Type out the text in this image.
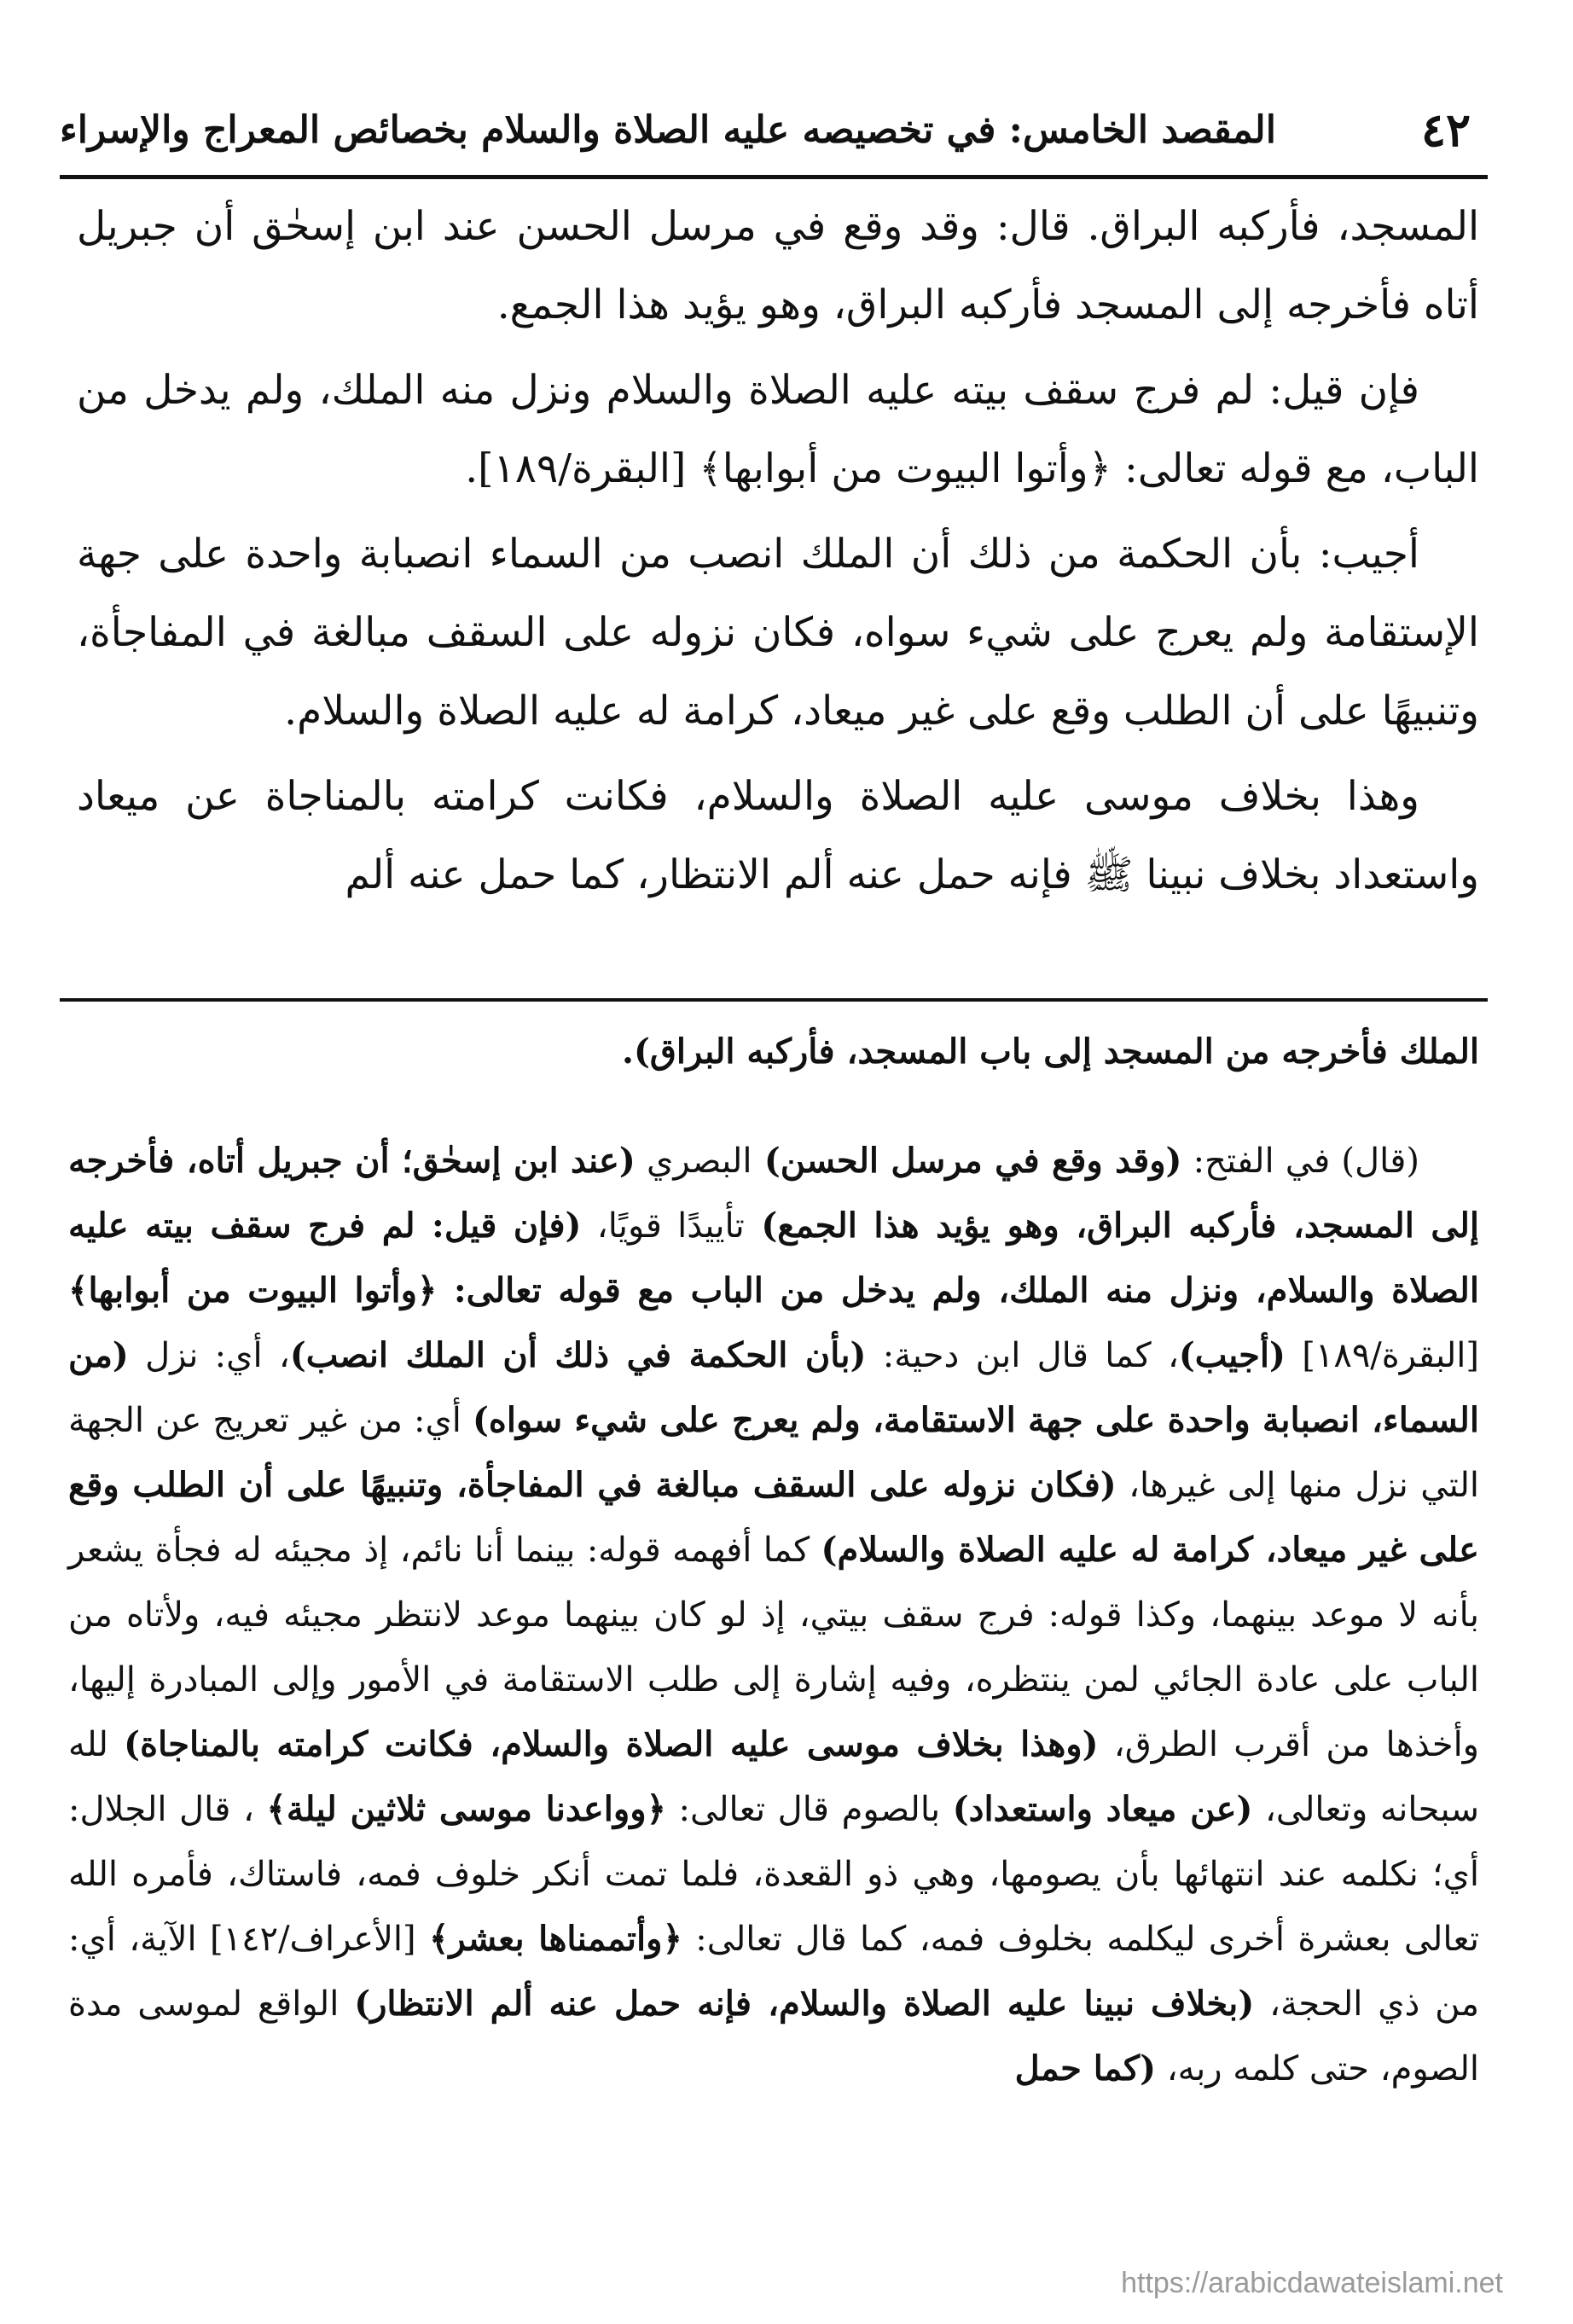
٤٢
المقصد الخامس: في تخصيصه عليه الصلاة والسلام بخصائص المعراج والإسراء

المسجد، فأركبه البراق. قال: وقد وقع في مرسل الحسن عند ابن إسحٰق أن جبريل أتاه فأخرجه إلى المسجد فأركبه البراق، وهو يؤيد هذا الجمع.

فإن قيل: لم فرج سقف بيته عليه الصلاة والسلام ونزل منه الملك، ولم يدخل من الباب، مع قوله تعالى: ﴿وأتوا البيوت من أبوابها﴾ [البقرة/١٨٩].

أجيب: بأن الحكمة من ذلك أن الملك انصب من السماء انصبابة واحدة على جهة الإستقامة ولم يعرج على شيء سواه، فكان نزوله على السقف مبالغة في المفاجأة، وتنبيهًا على أن الطلب وقع على غير ميعاد، كرامة له عليه الصلاة والسلام.

وهذا بخلاف موسى عليه الصلاة والسلام، فكانت كرامته بالمناجاة عن ميعاد واستعداد بخلاف نبينا ﷺ فإنه حمل عنه ألم الانتظار، كما حمل عنه ألم

الملك فأخرجه من المسجد إلى باب المسجد، فأركبه البراق).

(قال) في الفتح: (وقد وقع في مرسل الحسن) البصري (عند ابن إسحٰق؛ أن جبريل أتاه، فأخرجه إلى المسجد، فأركبه البراق، وهو يؤيد هذا الجمع) تأييدًا قويًا، (فإن قيل: لم فرج سقف بيته عليه الصلاة والسلام، ونزل منه الملك، ولم يدخل من الباب مع قوله تعالى: ﴿وأتوا البيوت من أبوابها﴾ [البقرة/١٨٩] (أجيب)، كما قال ابن دحية: (بأن الحكمة في ذلك أن الملك انصب)، أي: نزل (من السماء، انصبابة واحدة على جهة الاستقامة، ولم يعرج على شيء سواه) أي: من غير تعريج عن الجهة التي نزل منها إلى غيرها، (فكان نزوله على السقف مبالغة في المفاجأة، وتنبيهًا على أن الطلب وقع على غير ميعاد، كرامة له عليه الصلاة والسلام) كما أفهمه قوله: بينما أنا نائم، إذ مجيئه له فجأة يشعر بأنه لا موعد بينهما، وكذا قوله: فرج سقف بيتي، إذ لو كان بينهما موعد لانتظر مجيئه فيه، ولأتاه من الباب على عادة الجائي لمن ينتظره، وفيه إشارة إلى طلب الاستقامة في الأمور وإلى المبادرة إليها، وأخذها من أقرب الطرق، (وهذا بخلاف موسى عليه الصلاة والسلام، فكانت كرامته بالمناجاة) لله سبحانه وتعالى، (عن ميعاد واستعداد) بالصوم قال تعالى: ﴿وواعدنا موسى ثلاثين ليلة﴾ ، قال الجلال: أي؛ نكلمه عند انتهائها بأن يصومها، وهي ذو القعدة، فلما تمت أنكر خلوف فمه، فاستاك، فأمره الله تعالى بعشرة أخرى ليكلمه بخلوف فمه، كما قال تعالى: ﴿وأتممناها بعشر﴾ [الأعراف/١٤٢] الآية، أي: من ذي الحجة، (بخلاف نبينا عليه الصلاة والسلام، فإنه حمل عنه ألم الانتظار) الواقع لموسى مدة الصوم، حتى كلمه ربه، (كما حمل

https://arabicdawateislami.net
